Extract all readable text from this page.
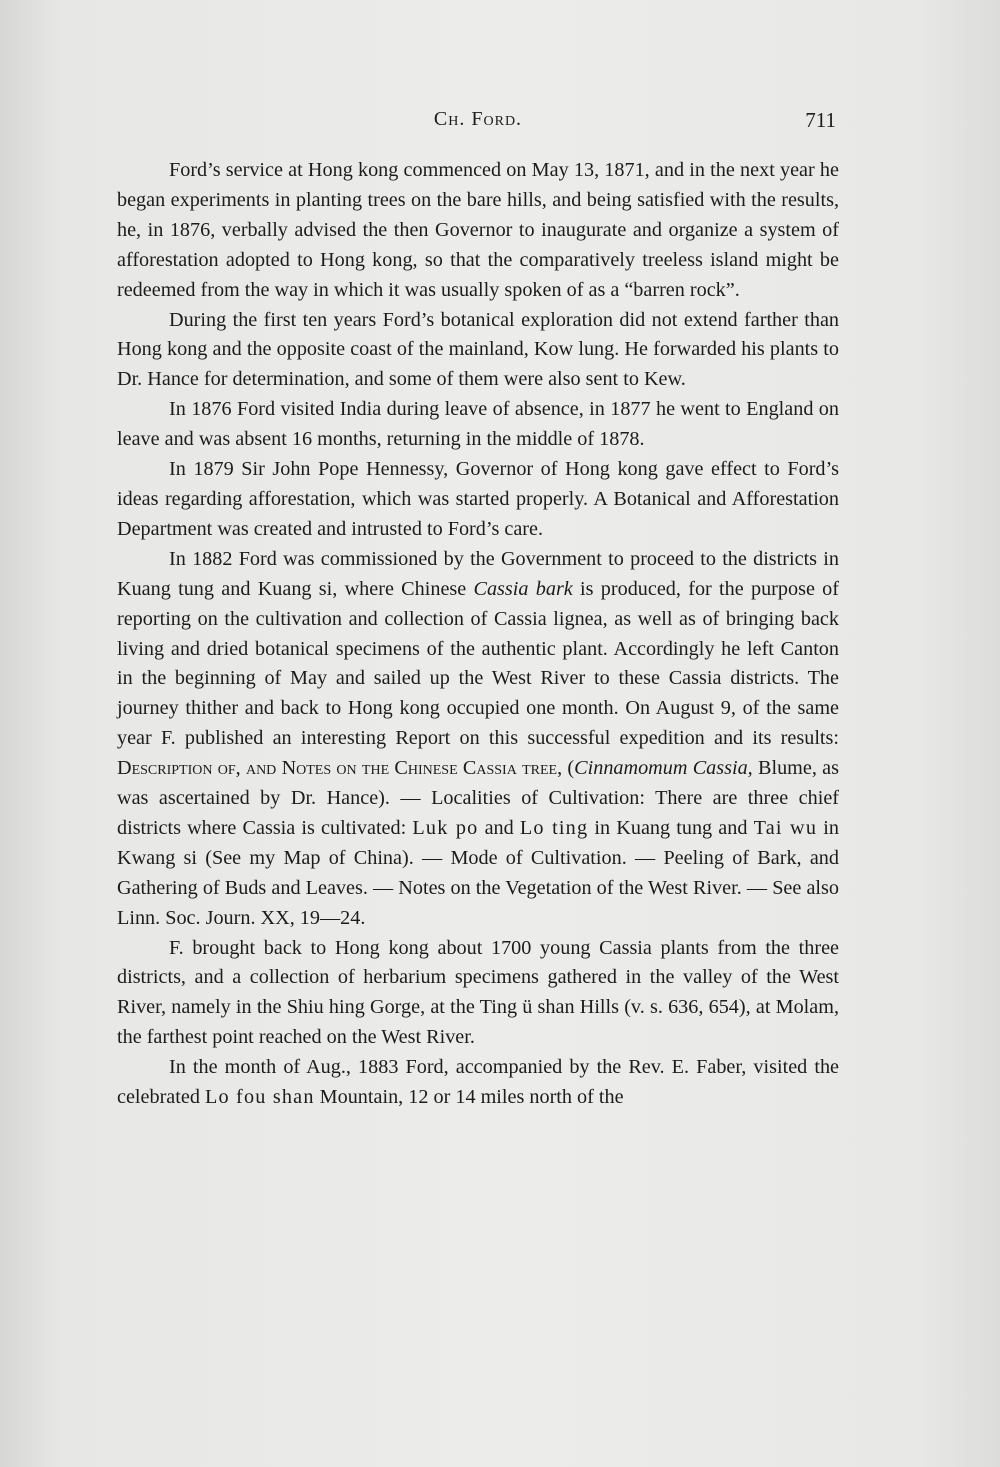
Ch. Ford.	711

Ford’s service at Hong kong commenced on May 13, 1871, and in the next year he began experiments in planting trees on the bare hills, and being satisfied with the results, he, in 1876, verbally advised the then Governor to inaugurate and organize a system of afforestation adopted to Hong kong, so that the comparatively treeless island might be redeemed from the way in which it was usually spoken of as a “barren rock”.

During the first ten years Ford’s botanical exploration did not extend farther than Hong kong and the opposite coast of the mainland, Kow lung. He forwarded his plants to Dr. Hance for determination, and some of them were also sent to Kew.

In 1876 Ford visited India during leave of absence, in 1877 he went to England on leave and was absent 16 months, returning in the middle of 1878.

In 1879 Sir John Pope Hennessy, Governor of Hong kong gave effect to Ford’s ideas regarding afforestation, which was started properly. A Botanical and Afforestation Department was created and intrusted to Ford’s care.

In 1882 Ford was commissioned by the Government to proceed to the districts in Kuang tung and Kuang si, where Chinese Cassia bark is produced, for the purpose of reporting on the cultivation and collection of Cassia lignea, as well as of bringing back living and dried botanical specimens of the authentic plant. Accordingly he left Canton in the beginning of May and sailed up the West River to these Cassia districts. The journey thither and back to Hong kong occupied one month. On August 9, of the same year F. published an interesting Report on this successful expedition and its results: Description of, and Notes on the Chinese Cassia tree, (Cinnamomum Cassia, Blume, as was ascertained by Dr. Hance). — Localities of Cultivation: There are three chief districts where Cassia is cultivated: Luk po and Lo ting in Kuang tung and Tai wu in Kwang si (See my Map of China). — Mode of Cultivation. — Peeling of Bark, and Gathering of Buds and Leaves. — Notes on the Vegetation of the West River. — See also Linn. Soc. Journ. XX, 19—24.

F. brought back to Hong kong about 1700 young Cassia plants from the three districts, and a collection of herbarium specimens gathered in the valley of the West River, namely in the Shiu hing Gorge, at the Ting ü shan Hills (v. s. 636, 654), at Molam, the farthest point reached on the West River.

In the month of Aug., 1883 Ford, accompanied by the Rev. E. Faber, visited the celebrated Lo fou shan Mountain, 12 or 14 miles north of the
